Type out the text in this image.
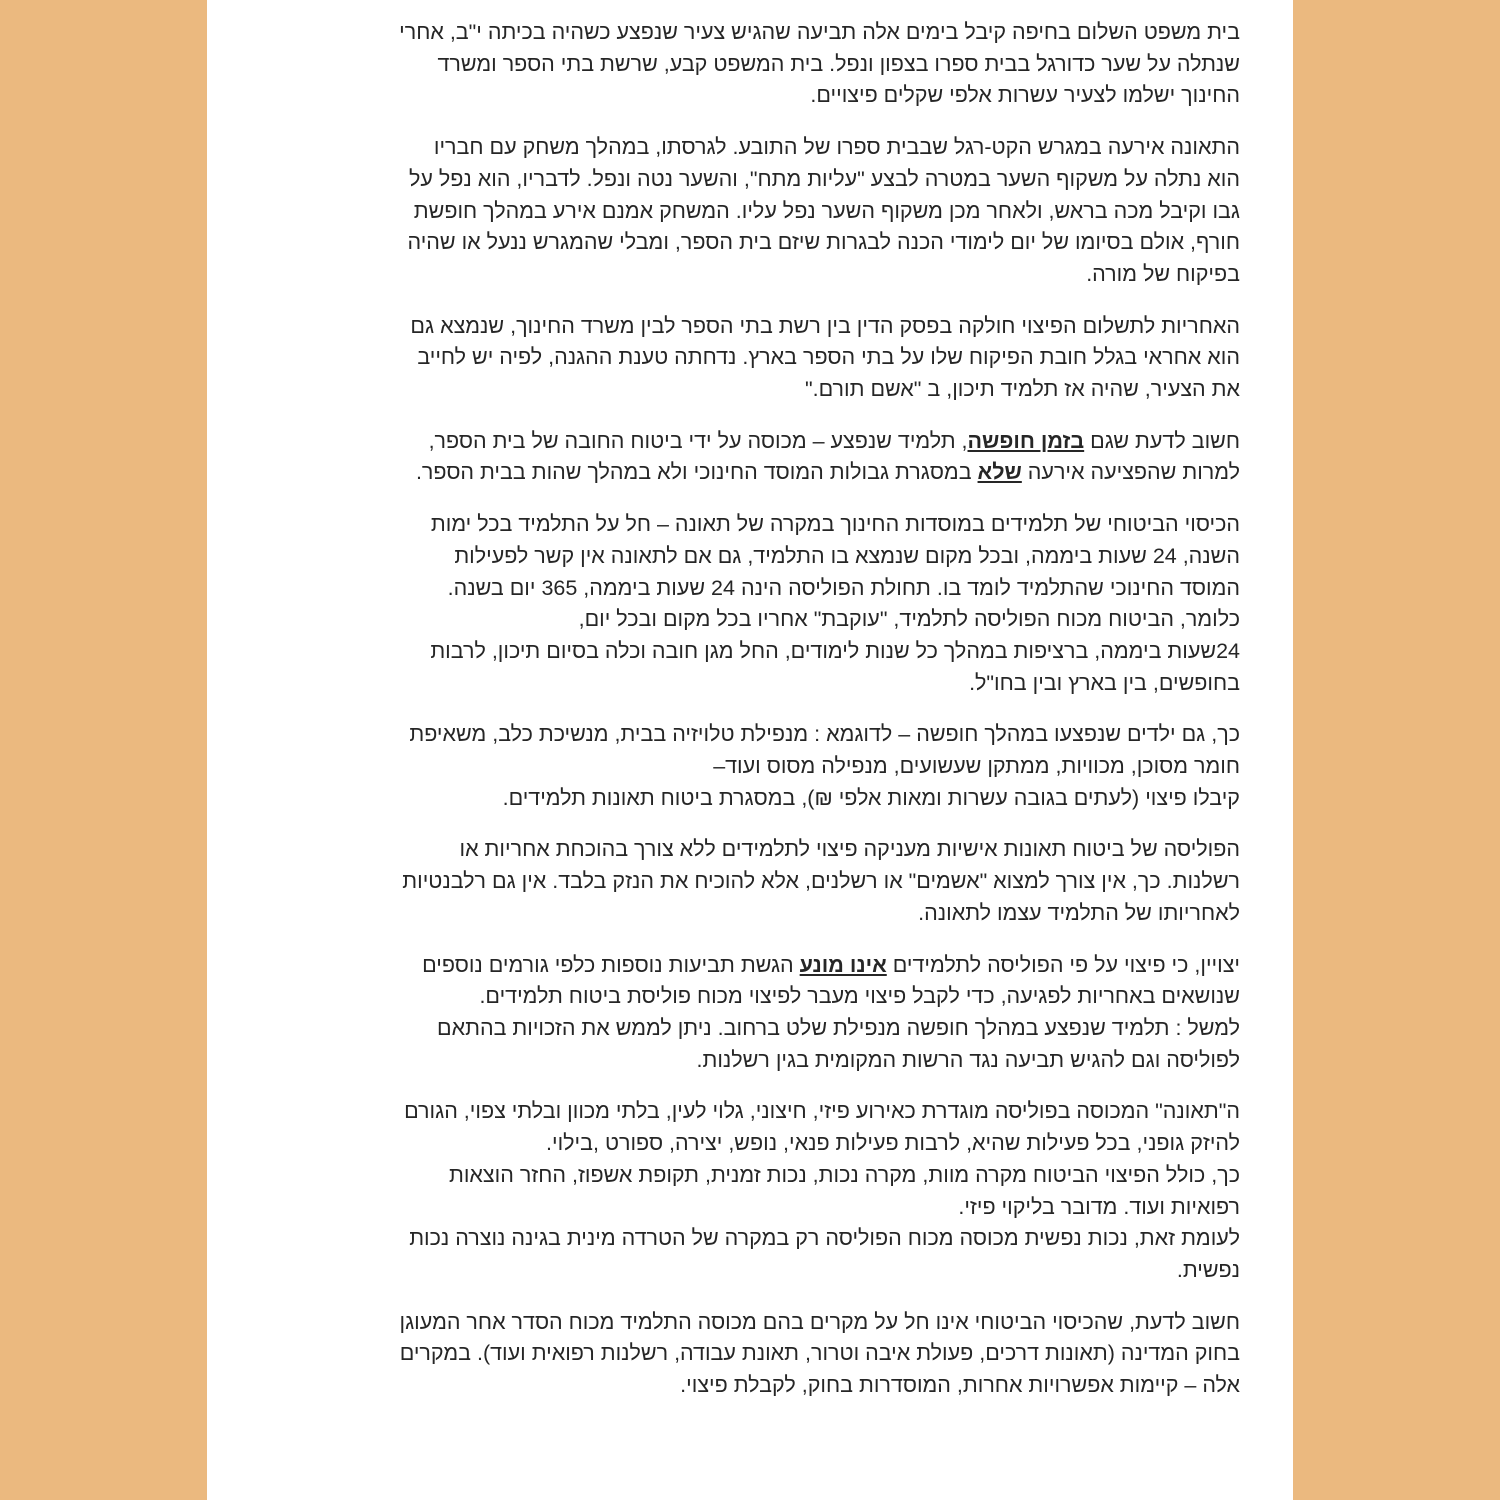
בית משפט השלום בחיפה קיבל בימים אלה תביעה שהגיש צעיר שנפצע כשהיה בכיתה י"ב, אחרי
שנתלה על שער כדורגל בבית ספרו בצפון ונפל. בית המשפט קבע, שרשת בתי הספר ומשרד
החינוך ישלמו לצעיר עשרות אלפי שקלים פיצויים.
התאונה אירעה במגרש הקט-רגל שבבית ספרו של התובע. לגרסתו, במהלך משחק עם חבריו
הוא נתלה על משקוף השער במטרה לבצע "עליות מתח", והשער נטה ונפל. לדבריו, הוא נפל על
גבו וקיבל מכה בראש, ולאחר מכן משקוף השער נפל עליו. המשחק אמנם אירע במהלך חופשת
חורף, אולם בסיומו של יום לימודי הכנה לבגרות שיזם בית הספר, ומבלי שהמגרש ננעל או שהיה
בפיקוח של מורה.
האחריות לתשלום הפיצוי חולקה בפסק הדין בין רשת בתי הספר לבין משרד החינוך, שנמצא גם
הוא אחראי בגלל חובת הפיקוח שלו על בתי הספר בארץ. נדחתה טענת ההגנה, לפיה יש לחייב
את הצעיר, שהיה אז תלמיד תיכון, ב "אשם תורם."
חשוב לדעת שגם בזמן חופשה, תלמיד שנפצע – מכוסה על ידי ביטוח החובה של בית הספר,
למרות שהפציעה אירעה שלא במסגרת גבולות המוסד החינוכי ולא במהלך שהות בבית הספר.
הכיסוי הביטוחי של תלמידים במוסדות החינוך במקרה של תאונה – חל על התלמיד בכל ימות
השנה, 24 שעות ביממה, ובכל מקום שנמצא בו התלמיד, גם אם לתאונה אין קשר לפעילות
המוסד החינוכי שהתלמיד לומד בו. תחולת הפוליסה הינה 24 שעות ביממה, 365 יום בשנה.
כלומר, הביטוח מכוח הפוליסה לתלמיד, "עוקבת" אחריו בכל מקום ובכל יום,
24שעות ביממה, ברציפות במהלך כל שנות לימודים, החל מגן חובה וכלה בסיום תיכון, לרבות
בחופשים, בין בארץ ובין בחו"ל.
כך, גם ילדים שנפצעו במהלך חופשה – לדוגמא : מנפילת טלויזיה בבית, מנשיכת כלב, משאיפת
חומר מסוכן, מכוויות, ממתקן שעשועים, מנפילה מסוס ועוד–
קיבלו פיצוי (לעתים בגובה עשרות ומאות אלפי ₪), במסגרת ביטוח תאונות תלמידים.
הפוליסה של ביטוח תאונות אישיות מעניקה פיצוי לתלמידים ללא צורך בהוכחת אחריות או
רשלנות. כך, אין צורך למצוא "אשמים" או רשלנים, אלא להוכיח את הנזק בלבד. אין גם רלבנטיות
לאחריותו של התלמיד עצמו לתאונה.
יצויין, כי פיצוי על פי הפוליסה לתלמידים אינו מונע הגשת תביעות נוספות כלפי גורמים נוספים
שנושאים באחריות לפגיעה, כדי לקבל פיצוי מעבר לפיצוי מכוח פוליסת ביטוח תלמידים.
למשל : תלמיד שנפצע במהלך חופשה מנפילת שלט ברחוב. ניתן לממש את הזכויות בהתאם
לפוליסה וגם להגיש תביעה נגד הרשות המקומית בגין רשלנות.
ה"תאונה" המכוסה בפוליסה מוגדרת כאירוע פיזי, חיצוני, גלוי לעין, בלתי מכוון ובלתי צפוי, הגורם
להיזק גופני, בכל פעילות שהיא, לרבות פעילות פנאי, נופש, יצירה, ספורט ,בילוי.
כך, כולל הפיצוי הביטוח מקרה מוות, מקרה נכות, נכות זמנית, תקופת אשפוז, החזר הוצאות
רפואיות ועוד. מדובר בליקוי פיזי.
לעומת זאת, נכות נפשית מכוסה מכוח הפוליסה רק במקרה של הטרדה מינית בגינה נוצרה נכות
נפשית.
חשוב לדעת, שהכיסוי הביטוחי אינו חל על מקרים בהם מכוסה התלמיד מכוח הסדר אחר המעוגן
בחוק המדינה (תאונות דרכים, פעולת איבה וטרור, תאונת עבודה, רשלנות רפואית ועוד). במקרים
אלה – קיימות אפשרויות אחרות, המוסדרות בחוק, לקבלת פיצוי.
